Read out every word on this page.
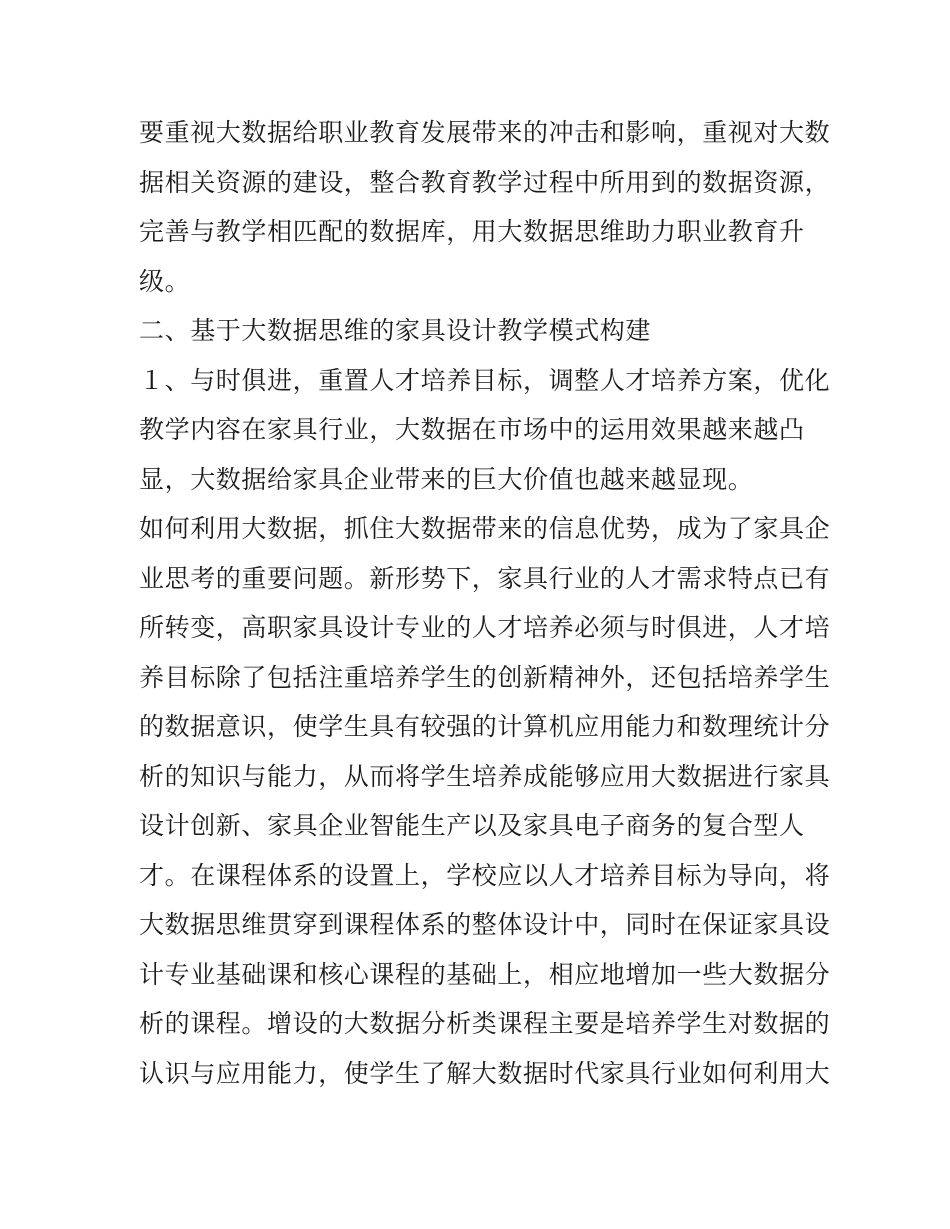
要重视大数据给职业教育发展带来的冲击和影响，重视对大数
据相关资源的建设，整合教育教学过程中所用到的数据资源，
完善与教学相匹配的数据库，用大数据思维助力职业教育升
级。
二、基于大数据思维的家具设计教学模式构建
１、与时俱进，重置人才培养目标，调整人才培养方案，优化
教学内容在家具行业，大数据在市场中的运用效果越来越凸
显，大数据给家具企业带来的巨大价值也越来越显现。
如何利用大数据，抓住大数据带来的信息优势，成为了家具企
业思考的重要问题。新形势下，家具行业的人才需求特点已有
所转变，高职家具设计专业的人才培养必须与时俱进，人才培
养目标除了包括注重培养学生的创新精神外，还包括培养学生
的数据意识，使学生具有较强的计算机应用能力和数理统计分
析的知识与能力，从而将学生培养成能够应用大数据进行家具
设计创新、家具企业智能生产以及家具电子商务的复合型人
才。在课程体系的设置上，学校应以人才培养目标为导向，将
大数据思维贯穿到课程体系的整体设计中，同时在保证家具设
计专业基础课和核心课程的基础上，相应地增加一些大数据分
析的课程。增设的大数据分析类课程主要是培养学生对数据的
认识与应用能力，使学生了解大数据时代家具行业如何利用大
